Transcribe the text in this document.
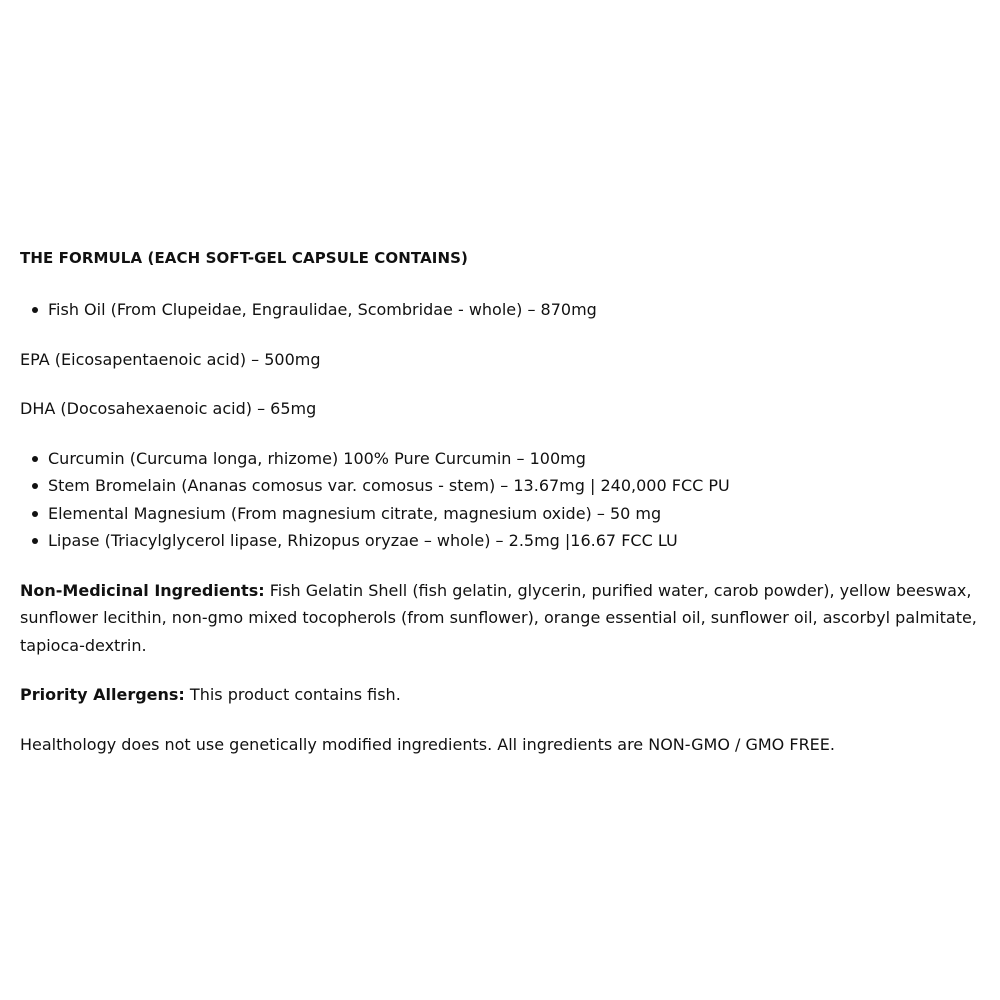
THE FORMULA (EACH SOFT-GEL CAPSULE CONTAINS)
Fish Oil (From Clupeidae, Engraulidae, Scombridae - whole) – 870mg

EPA (Eicosapentaenoic acid) – 500mg

DHA (Docosahexaenoic acid) – 65mg

Curcumin (Curcuma longa, rhizome) 100% Pure Curcumin – 100mg
Stem Bromelain (Ananas comosus var. comosus - stem) – 13.67mg | 240,000 FCC PU
Elemental Magnesium (From magnesium citrate, magnesium oxide) – 50 mg
Lipase (Triacylglycerol lipase, Rhizopus oryzae – whole) – 2.5mg |16.67 FCC LU

Non-Medicinal Ingredients: Fish Gelatin Shell (fish gelatin, glycerin, purified water, carob powder), yellow beeswax, sunflower lecithin, non-gmo mixed tocopherols (from sunflower), orange essential oil, sunflower oil, ascorbyl palmitate, tapioca-dextrin.

Priority Allergens: This product contains fish.

Healthology does not use genetically modified ingredients. All ingredients are NON-GMO / GMO FREE.
